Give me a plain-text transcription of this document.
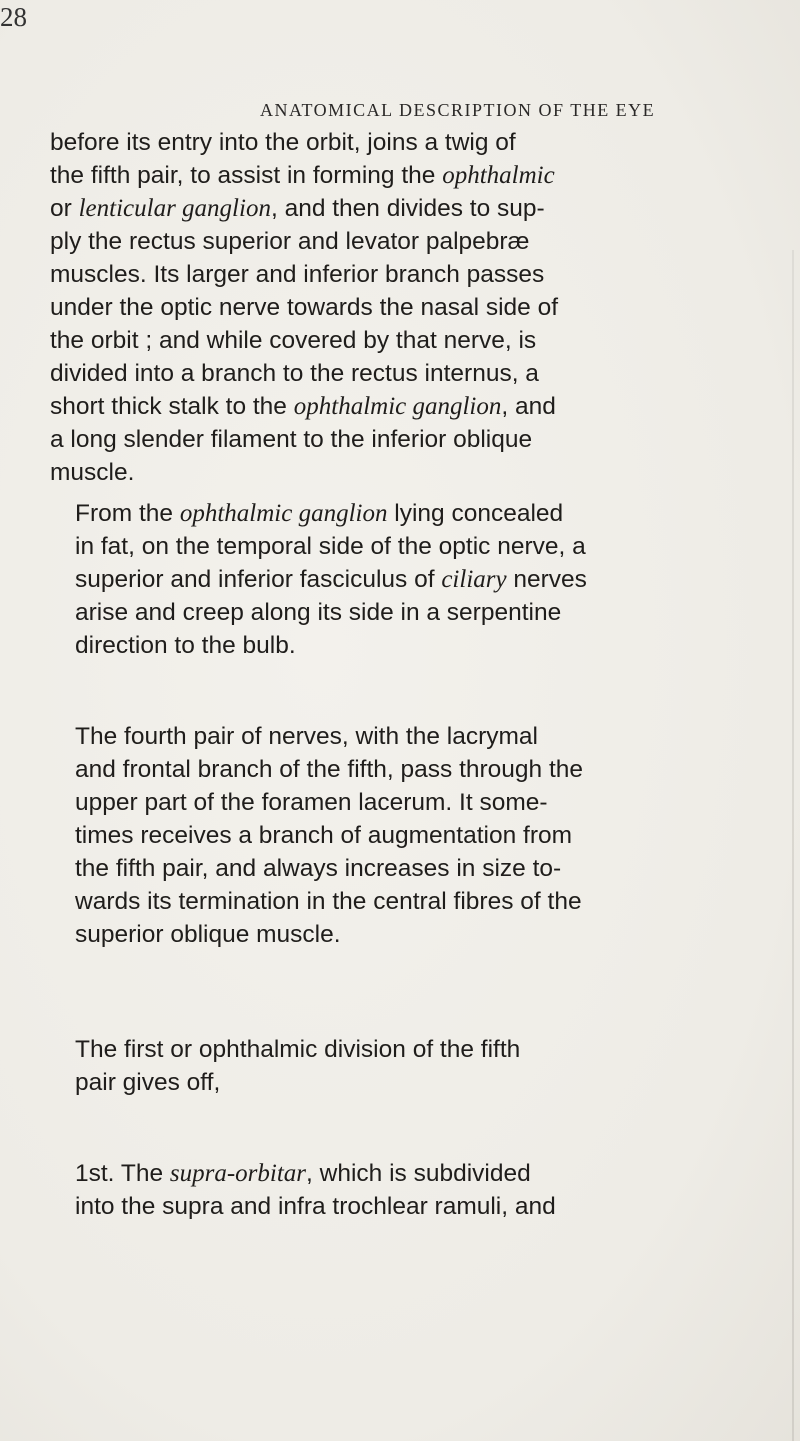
28
ANATOMICAL DESCRIPTION OF THE EYE
before its entry into the orbit, joins a twig of
the fifth pair, to assist in forming the ophthalmic
or lenticular ganglion, and then divides to sup-
ply the rectus superior and levator palpebræ
muscles. Its larger and inferior branch passes
under the optic nerve towards the nasal side of
the orbit ; and while covered by that nerve, is
divided into a branch to the rectus internus, a
short thick stalk to the ophthalmic ganglion, and
a long slender filament to the inferior oblique
muscle.
From the ophthalmic ganglion lying concealed
in fat, on the temporal side of the optic nerve, a
superior and inferior fasciculus of ciliary nerves
arise and creep along its side in a serpentine
direction to the bulb.
The fourth pair of nerves, with the lacrymal
and frontal branch of the fifth, pass through the
upper part of the foramen lacerum. It some-
times receives a branch of augmentation from
the fifth pair, and always increases in size to-
wards its termination in the central fibres of the
superior oblique muscle.
The first or ophthalmic division of the fifth
pair gives off,
1st. The supra-orbitar, which is subdivided
into the supra and infra trochlear ramuli, and
